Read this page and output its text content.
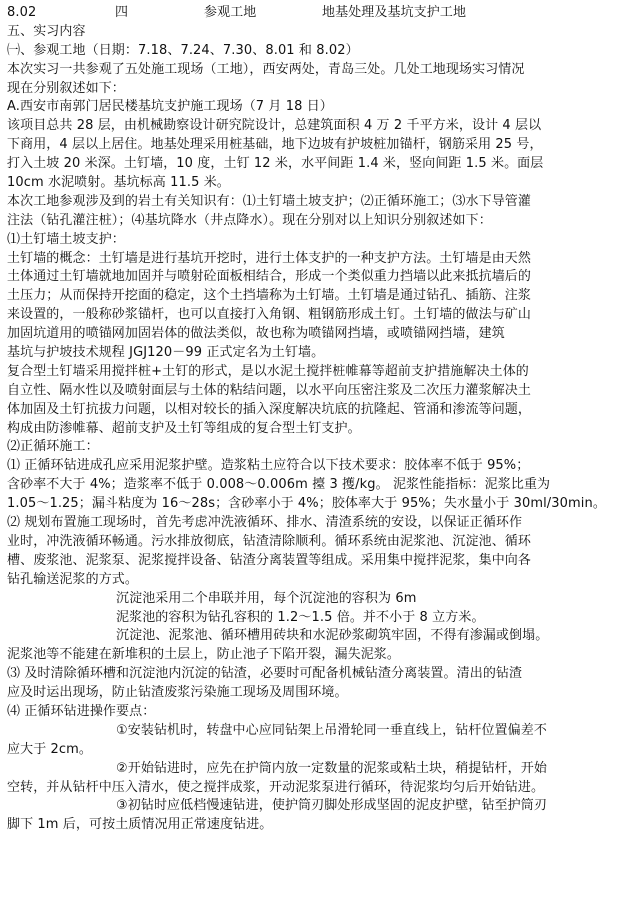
8.02	四	参观工地	地基处理及基坑支护工地
五、实习内容
㈠、参观工地（日期：7.18、7.24、7.30、8.01 和 8.02）
本次实习一共参观了五处施工现场（工地），西安两处，青岛三处。几处工地现场实习情况
现在分别叙述如下：
A.西安市南郭门居民楼基坑支护施工现场（7 月 18 日）
该项目总共 28 层，由机械勘察设计研究院设计，总建筑面积 4 万 2 千平方米，设计 4 层以
下商用，4 层以上居住。地基处理采用桩基础，地下边坡有护坡桩加锚杆，钢筋采用 25 号，
打入土坡 20 米深。土钉墙，10 度，土钉 12 米，水平间距 1.4 米，竖向间距 1.5 米。面层
10cm 水泥喷射。基坑标高 11.5 米。
本次工地参观涉及到的岩土有关知识有：⑴土钉墙土坡支护；⑵正循环施工；⑶水下导管灌
注法（钻孔灌注桩）；⑷基坑降水（井点降水）。现在分别对以上知识分别叙述如下：
⑴土钉墙土坡支护：
土钉墙的概念：土钉墙是进行基坑开挖时，进行土体支护的一种支护方法。土钉墙是由天然
土体通过土钉墙就地加固并与喷射砼面板相结合，形成一个类似重力挡墙以此来抵抗墙后的
土压力；从而保持开挖面的稳定，这个土挡墙称为土钉墙。土钉墙是通过钻孔、插筋、注浆
来设置的，一般称砂浆锚杆，也可以直接打入角钢、粗钢筋形成土钉。土钉墙的做法与矿山
加固坑道用的喷锚网加固岩体的做法类似，故也称为喷锚网挡墙，或喷锚网挡墙，建筑
基坑与护坡技术规程 JGJ120－99 正式定名为土钉墙。
复合型土钉墙采用搅拌桩+土钉的形式，是以水泥土搅拌桩帷幕等超前支护措施解决土体的
自立性、隔水性以及喷射面层与土体的粘结问题，以水平向压密注浆及二次压力灌浆解决土
体加固及土钉抗拔力问题，以相对较长的插入深度解决坑底的抗隆起、管涌和渗流等问题，
构成由防渗帷幕、超前支护及土钉等组成的复合型土钉支护。
⑵正循环施工：
⑴ 正循环钻进成孔应采用泥浆护壁。造浆粘土应符合以下技术要求：胶体率不低于 95%；
含砂率不大于 4%；造浆率不低于 0.008～0.006m 擡 3 擭/kg。 泥浆性能指标：泥浆比重为
1.05～1.25；漏斗粘度为 16～28s；含砂率小于 4%；胶体率大于 95%；失水量小于 30ml/30min。
⑵ 规划布置施工现场时，首先考虑冲洗液循环、排水、清渣系统的安设，以保证正循环作
业时，冲洗液循环畅通。污水排放彻底，钻渣清除顺利。循环系统由泥浆池、沉淀池、循环
槽、废浆池、泥浆泵、泥浆搅拌设备、钻渣分离装置等组成。采用集中搅拌泥浆，集中向各
钻孔输送泥浆的方式。
沉淀池采用二个串联并用，每个沉淀池的容积为 6m
泥浆池的容积为钻孔容积的 1.2～1.5 倍。并不小于 8 立方米。
沉淀池、泥浆池、循环槽用砖块和水泥砂浆砌筑牢固，不得有渗漏或倒塌。
泥浆池等不能建在新堆积的土层上，防止池子下陷开裂，漏失泥浆。
⑶ 及时清除循环槽和沉淀池内沉淀的钻渣，必要时可配备机械钻渣分离装置。清出的钻渣
应及时运出现场，防止钻渣废浆污染施工现场及周围环境。
⑷ 正循环钻进操作要点：
①安装钻机时，转盘中心应同钻架上吊滑轮同一垂直线上，钻杆位置偏差不
应大于 2cm。
②开始钻进时，应先在护筒内放一定数量的泥浆或粘土块，稍提钻杆，开始
空转，并从钻杆中压入清水，使之搅拌成浆，开动泥浆泵进行循环，待泥浆均匀后开始钻进。
③初钻时应低档慢速钻进，使护筒刃脚处形成坚固的泥皮护壁，钻至护筒刃
脚下 1m 后，可按土质情况用正常速度钻进。
